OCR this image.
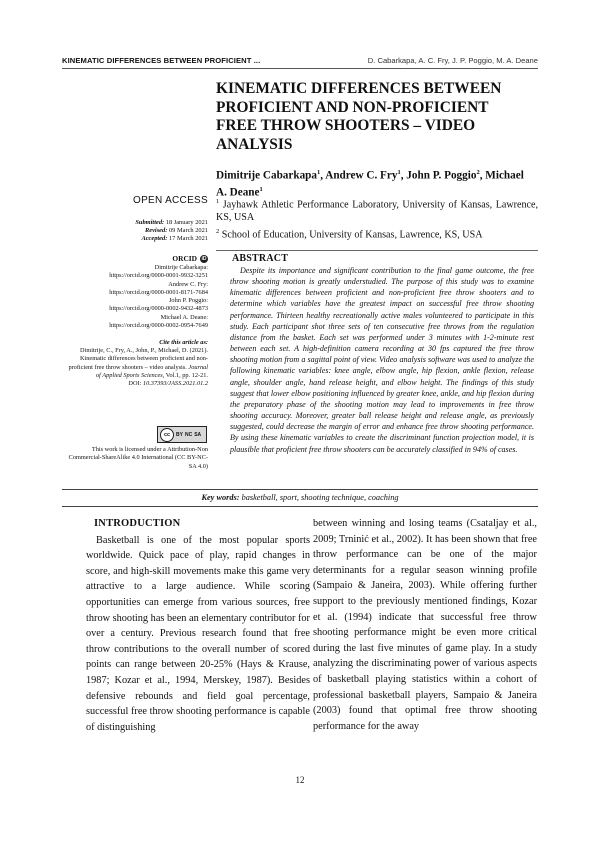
KINEMATIC DIFFERENCES BETWEEN PROFICIENT ...	D. Cabarkapa, A. C. Fry, J. P. Poggio, M. A. Deane
KINEMATIC DIFFERENCES BETWEEN PROFICIENT AND NON-PROFICIENT FREE THROW SHOOTERS – VIDEO ANALYSIS
Dimitrije Cabarkapa$^1$, Andrew C. Fry$^1$, John P. Poggio$^2$, Michael A. Deane$^1$
$^1$ Jayhawk Athletic Performance Laboratory, University of Kansas, Lawrence, KS, USA
$^2$ School of Education, University of Kansas, Lawrence, KS, USA
OPEN ACCESS
Submitted: 18 January 2021
Revised: 09 March 2021
Accepted: 17 March 2021
ORCID iD
Dimitrije Cabarkapa:
https://orcid.org/0000-0001-9932-3251
Andrew C. Fry:
https://orcid.org/0000-0001-8171-7684
John P. Poggio:
https://orcid.org/0000-0002-9432-4873
Michael A. Deane:
https://orcid.org/0000-0002-0954-7649
Cite this article as:
Dimitrije, C., Fry, A., John, P., Michael, D. (2021). Kinematic differences between proficient and non-proficient free throw shooters – video analysis. Journal of Applied Sports Sciences, Vol.1, pp. 12-21.
DOI: 10.37393/JASS.2021.01.2
cc	BY NC SA
This work is licensed under a Attribution-Non Commercial-ShareAlike 4.0 International (CC BY-NC-SA 4.0)
ABSTRACT

Despite its importance and significant contribution to the final game outcome, the free throw shooting motion is greatly understudied. The purpose of this study was to examine kinematic differences between proficient and non-proficient free throw shooters and to determine which variables have the greatest impact on successful free throw shooting performance. Thirteen healthy recreationally active males volunteered to participate in this study. Each participant shot three sets of ten consecutive free throws from the regulation distance from the basket. Each set was performed under 3 minutes with 1-2-minute rest between each set. A high-definition camera recording at 30 fps captured the free throw shooting motion from a sagittal point of view. Video analysis software was used to analyze the following kinematic variables: knee angle, elbow angle, hip flexion, ankle flexion, release angle, shoulder angle, hand release height, and elbow height. The findings of this study suggest that lower elbow positioning influenced by greater knee, ankle, and hip flexion during the preparatory phase of the shooting motion may lead to improvements in free throw shooting accuracy. Moreover, greater ball release height and release angle, as previously suggested, could decrease the margin of error and enhance free throw shooting performance. By using these kinematic variables to create the discriminant function projection model, it is plausible that proficient free throw shooters can be accurately classified in 94% of cases.

Key words: basketball, sport, shooting technique, coaching
INTRODUCTION

Basketball is one of the most popular sports worldwide. Quick pace of play, rapid changes in score, and high-skill movements make this game very attractive to a large audience. While scoring opportunities can emerge from various sources, free throw shooting has been an elementary contributor for over a century. Previous research found that free throw contributions to the overall number of scored points can range between 20-25% (Hays & Krause, 1987; Kozar et al., 1994, Merskey, 1987). Besides defensive rebounds and field goal percentage, successful free throw shooting performance is capable of distinguishing

between winning and losing teams (Csataljay et al., 2009; Trninić et al., 2002). It has been shown that free throw performance can be one of the major determinants for a regular season winning profile (Sampaio & Janeira, 2003). While offering further support to the previously mentioned findings, Kozar et al. (1994) indicate that successful free throw shooting performance might be even more critical during the last five minutes of game play. In a study analyzing the discriminating power of various aspects of basketball playing statistics within a cohort of professional basketball players, Sampaio & Janeira (2003) found that optimal free throw shooting performance for the away

12
